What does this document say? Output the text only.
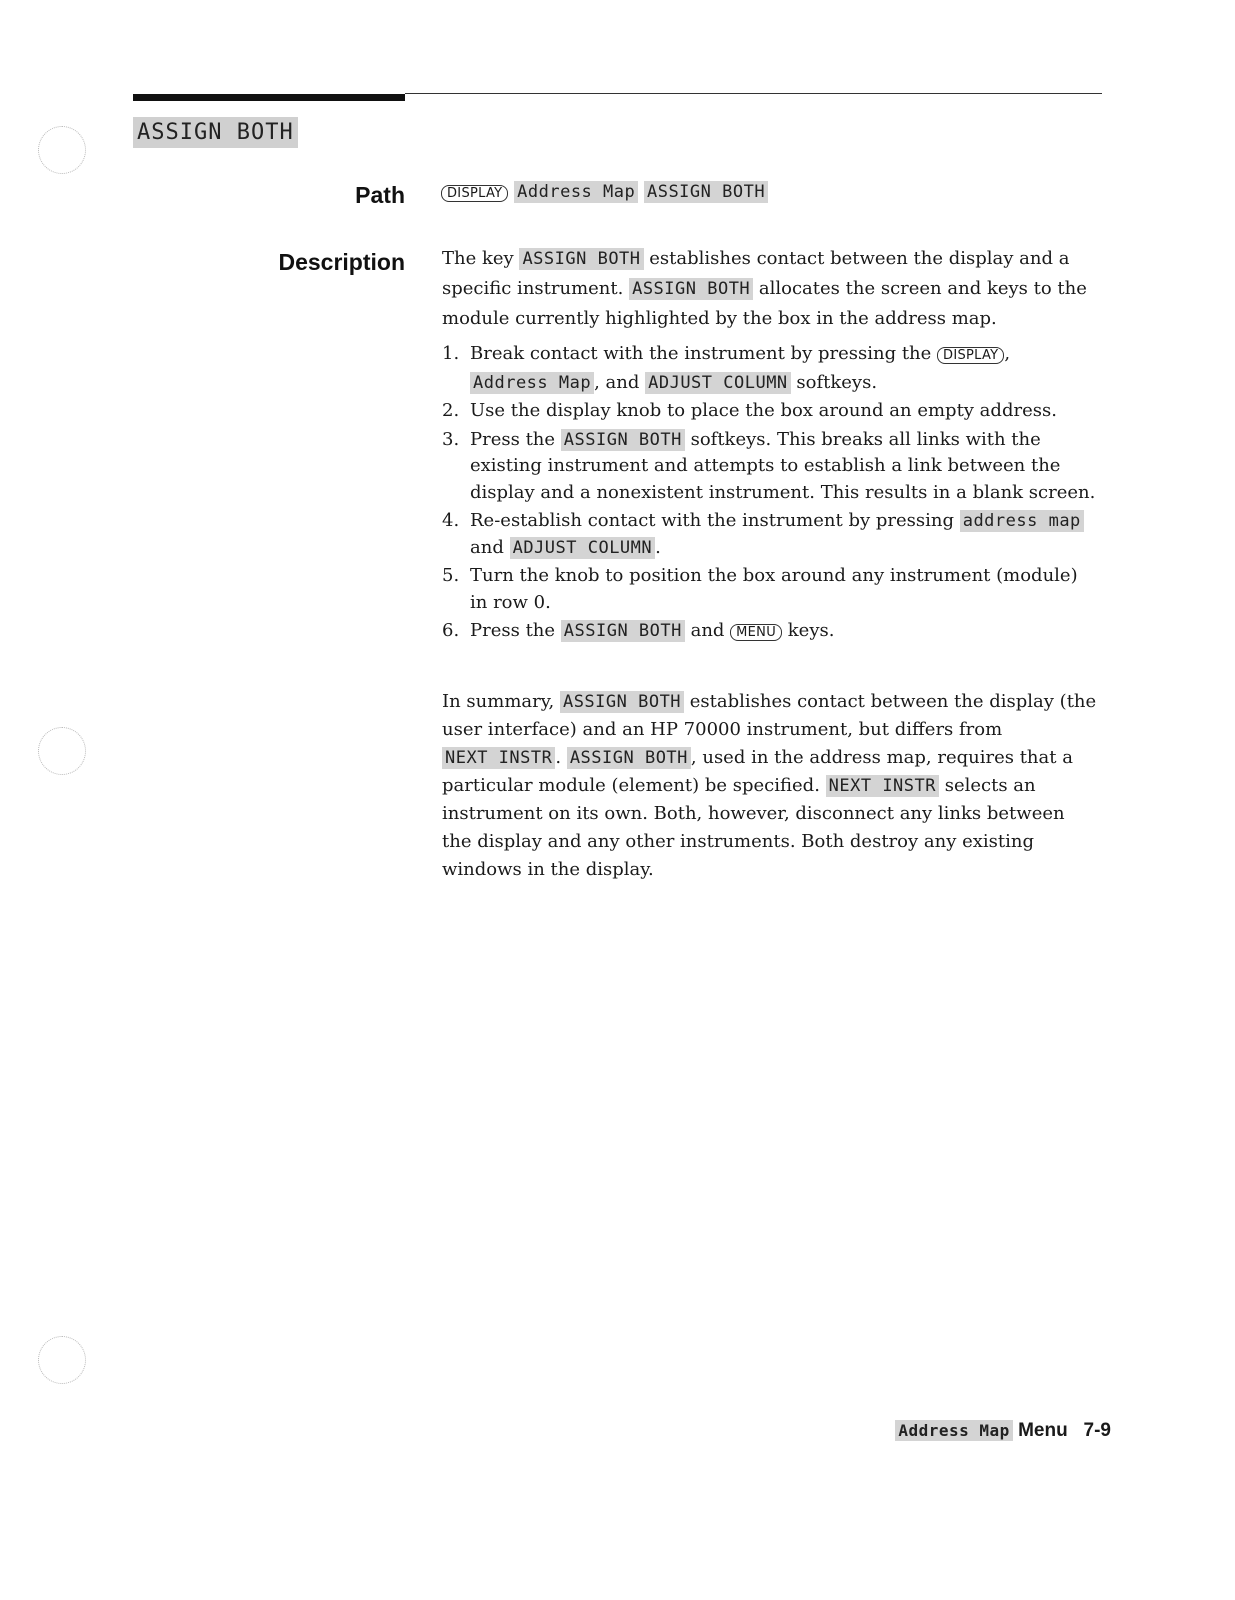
ASSIGN BOTH
Path	DISPLAY Address Map ASSIGN BOTH
Description The key ASSIGN BOTH establishes contact between the display and a specific instrument. ASSIGN BOTH allocates the screen and keys to the module currently highlighted by the box in the address map.
1. Break contact with the instrument by pressing the DISPLAY , Address Map , and ADJUST COLUMN softkeys.
2. Use the display knob to place the box around an empty address.
3. Press the ASSIGN BOTH softkeys. This breaks all links with the existing instrument and attempts to establish a link between the display and a nonexistent instrument. This results in a blank screen.
4. Re-establish contact with the instrument by pressing address map and ADJUST COLUMN .
5. Turn the knob to position the box around any instrument (module) in row 0.
6. Press the ASSIGN BOTH and MENU keys.
In summary, ASSIGN BOTH establishes contact between the display (the user interface) and an HP 70000 instrument, but differs from NEXT INSTR . ASSIGN BOTH , used in the address map, requires that a particular module (element) be specified. NEXT INSTR selects an instrument on its own. Both, however, disconnect any links between the display and any other instruments. Both destroy any existing windows in the display.
Address Map Menu 7-9
